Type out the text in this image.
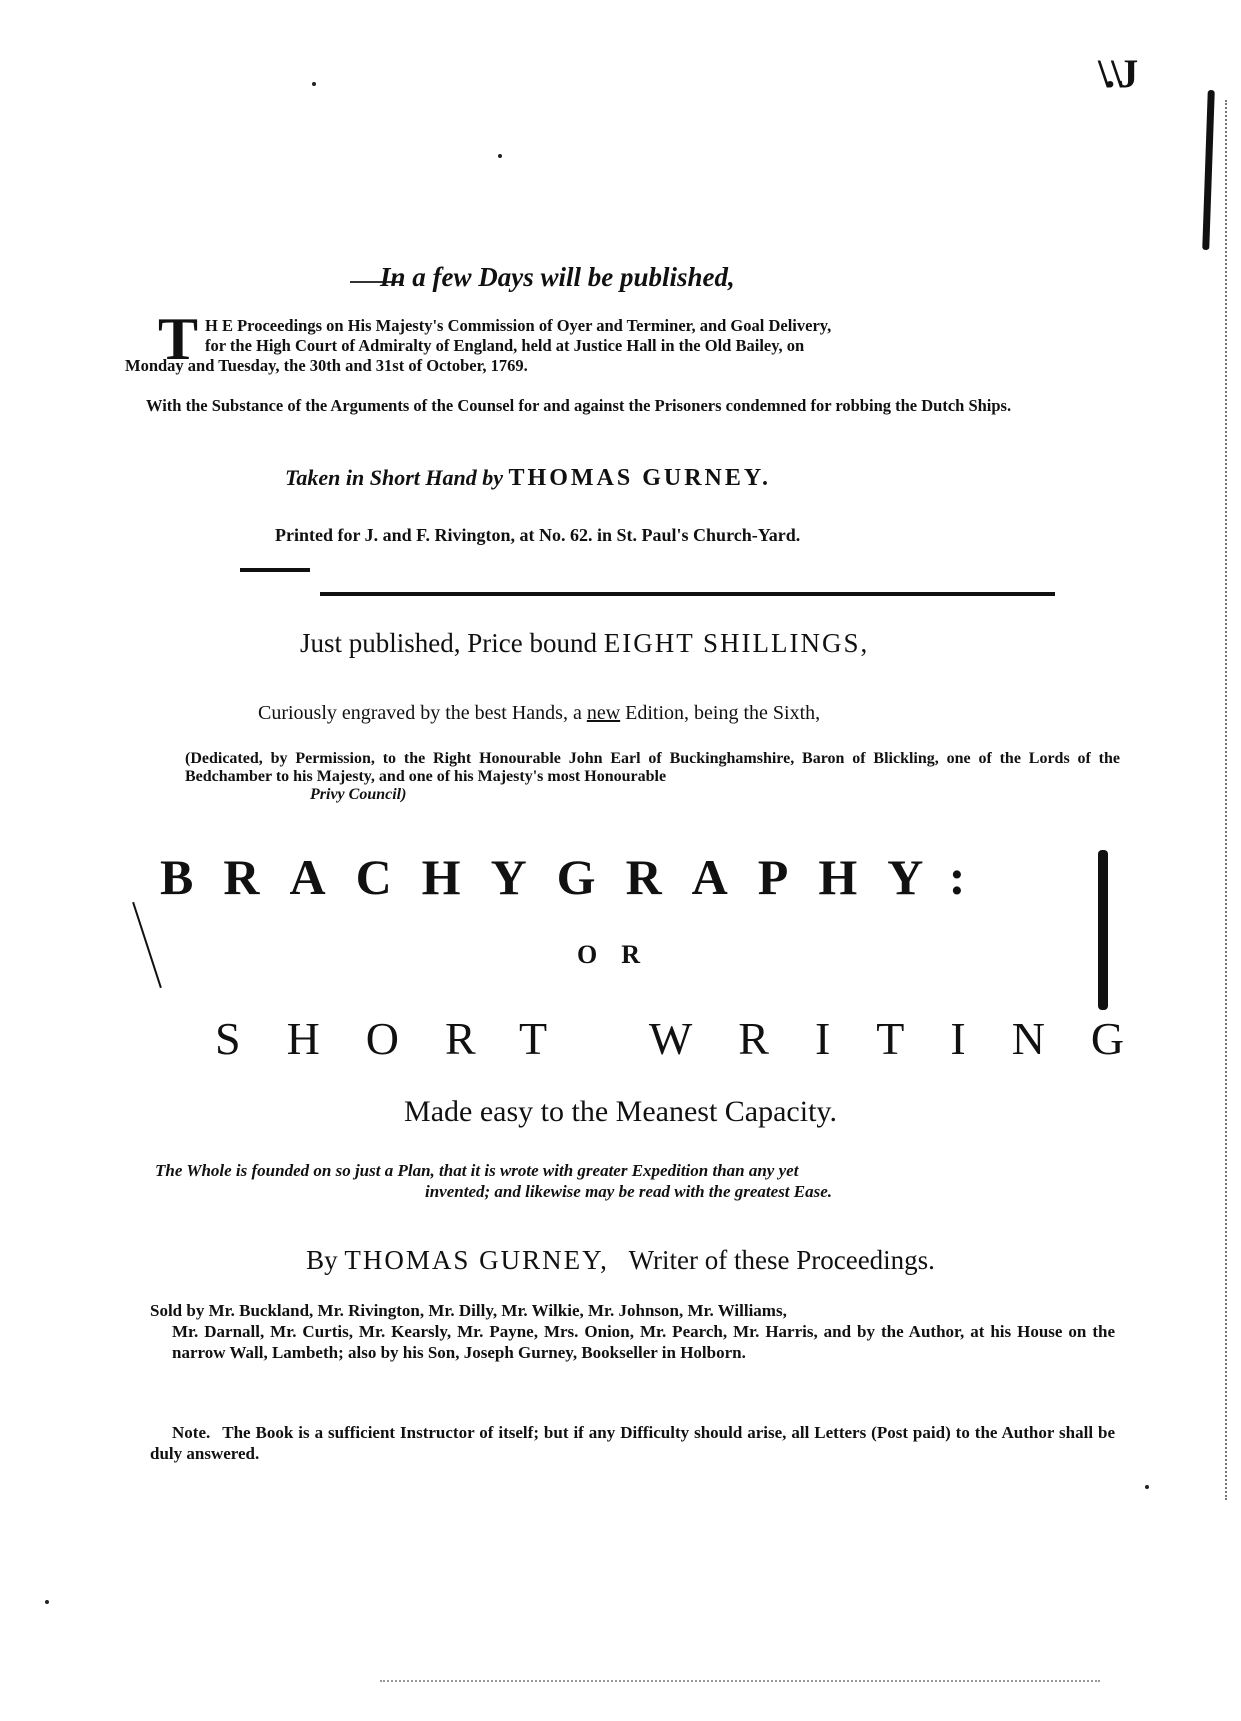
\.\J
In a few Days will be published,
T H E Proceedings on His Majesty's Commission of Oyer and Terminer, and Goal Delivery,
for the High Court of Admiralty of England, held at Justice Hall in the Old Bailey, on
Monday and Tuesday, the 30th and 31st of October, 1769.
With the Substance of the Arguments of the Counsel for and against the Prisoners condemned for robbing the Dutch Ships.
Taken in Short Hand by THOMAS GURNEY.
Printed for J. and F. Rivington, at No. 62. in St. Paul's Church-Yard.
Just published, Price bound EIGHT SHILLINGS,
Curiously engraved by the best Hands, a new Edition, being the Sixth,
(Dedicated, by Permission, to the Right Honourable John Earl of Buckinghamshire, Baron of Blickling, one of the Lords of the Bedchamber to his Majesty, and one of his Majesty's most Honourable
Privy Council)
BRACHYGRAPHY:
OR
SHORT WRITING
Made easy to the Meanest Capacity.
The Whole is founded on so just a Plan, that it is wrote with greater Expedition than any yet
invented; and likewise may be read with the greatest Ease.
By THOMAS GURNEY, Writer of these Proceedings.
Sold by Mr. Buckland, Mr. Rivington, Mr. Dilly, Mr. Wilkie, Mr. Johnson, Mr. Williams,
Mr. Darnall, Mr. Curtis, Mr. Kearsly, Mr. Payne, Mrs. Onion, Mr. Pearch, Mr. Harris, and by the Author, at his House on the narrow Wall, Lambeth; also by his Son, Joseph Gurney, Bookseller in Holborn.
Note. The Book is a sufficient Instructor of itself; but if any Difficulty should arise, all Letters (Post paid) to the Author shall be duly answered.
